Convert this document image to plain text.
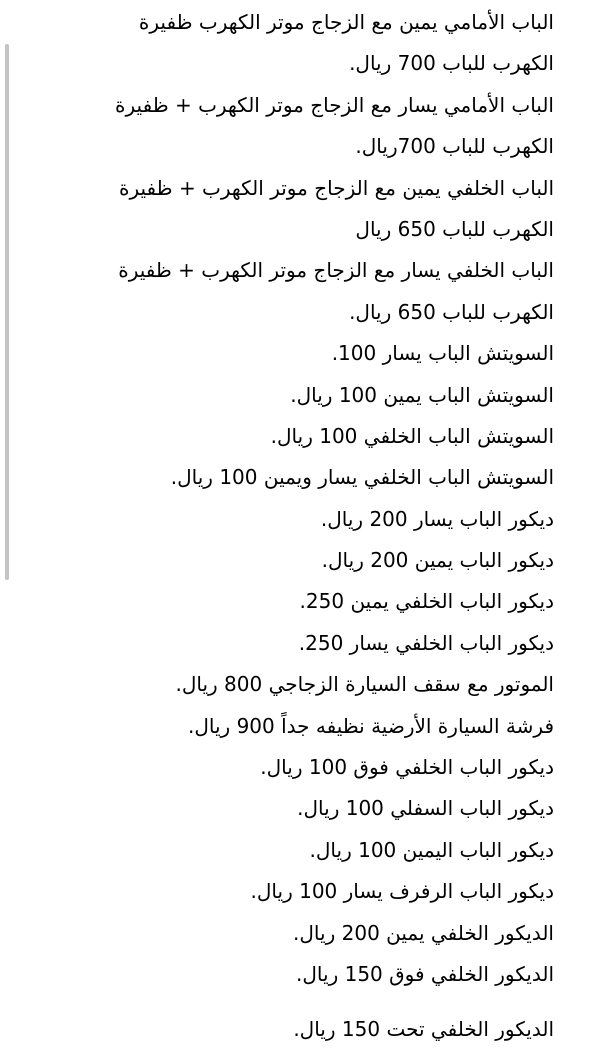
الباب الأمامي يمين مع الزجاج موتر الكهرب ظفيرة
الكهرب للباب 700 ريال.
الباب الأمامي يسار مع الزجاج موتر الكهرب + ظفيرة
الكهرب للباب 700ريال.
الباب الخلفي يمين مع الزجاج موتر الكهرب + ظفيرة
الكهرب للباب 650 ريال
الباب الخلفي يسار مع الزجاج موتر الكهرب + ظفيرة
الكهرب للباب 650 ريال.
السويتش الباب يسار 100.
السويتش الباب يمين 100 ريال.
السويتش الباب الخلفي 100 ريال.
السويتش الباب الخلفي يسار ويمين 100 ريال.
ديكور الباب يسار 200 ريال.
ديكور الباب يمين 200 ريال.
ديكور الباب الخلفي يمين 250.
ديكور الباب الخلفي يسار 250.
الموتور مع سقف السيارة الزجاجي 800 ريال.
فرشة السيارة الأرضية نظيفه جداً 900 ريال.
ديكور الباب الخلفي فوق 100 ريال.
ديكور الباب السفلي 100 ريال.
ديكور الباب اليمين 100 ريال.
ديكور الباب الرفرف يسار 100 ريال.
الديكور الخلفي يمين 200 ريال.
الديكور الخلفي فوق 150 ريال.
الديكور الخلفي تحت 150 ريال.
